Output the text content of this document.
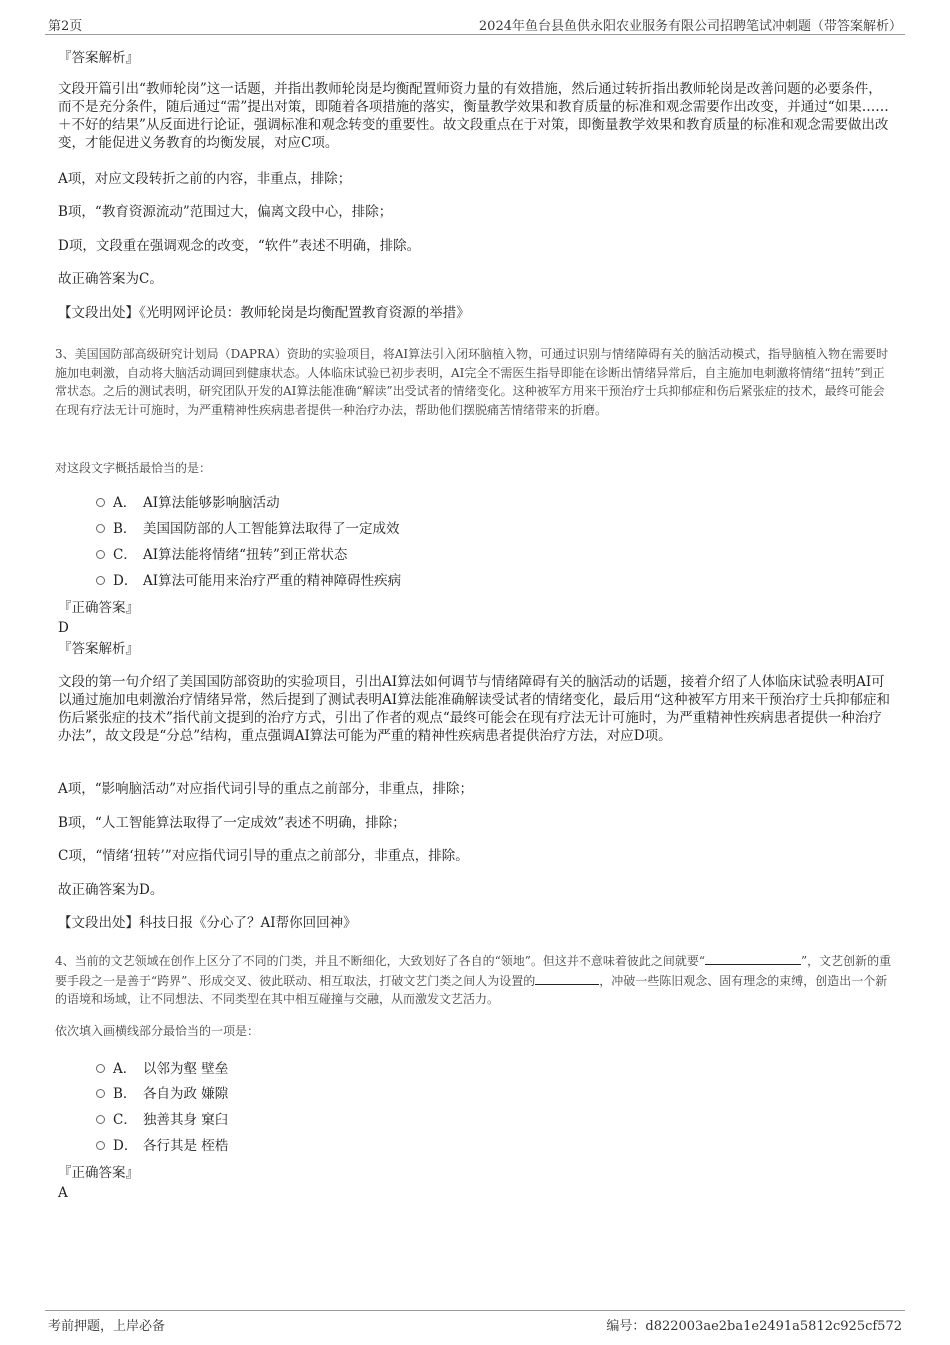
第2页	2024年鱼台县鱼供永阳农业服务有限公司招聘笔试冲刺题（带答案解析）
『答案解析』
文段开篇引出“教师轮岗”这一话题，并指出教师轮岗是均衡配置师资力量的有效措施，然后通过转折指出教师轮岗是改善问题的必要条件，而不是充分条件，随后通过“需”提出对策，即随着各项措施的落实，衡量教学效果和教育质量的标准和观念需要作出改变，并通过“如果……＋不好的结果”从反面进行论证，强调标准和观念转变的重要性。故文段重点在于对策，即衡量教学效果和教育质量的标准和观念需要做出改变，才能促进义务教育的均衡发展，对应C项。
A项，对应文段转折之前的内容，非重点，排除；
B项，“教育资源流动”范围过大，偏离文段中心，排除；
D项，文段重在强调观念的改变，“软件”表述不明确，排除。
故正确答案为C。
【文段出处】《光明网评论员：教师轮岗是均衡配置教育资源的举措》
3、美国国防部高级研究计划局（DAPRA）资助的实验项目，将AI算法引入闭环脑植入物，可通过识别与情绪障碍有关的脑活动模式，指导脑植入物在需要时施加电刺激，自动将大脑活动调回到健康状态。人体临床试验已初步表明，AI完全不需医生指导即能在诊断出情绪异常后，自主施加电刺激将情绪“扭转”到正常状态。之后的测试表明，研究团队开发的AI算法能准确“解读”出受试者的情绪变化。这种被军方用来干预治疗士兵抑郁症和伤后紧张症的技术，最终可能会在现有疗法无计可施时，为严重精神性疾病患者提供一种治疗办法，帮助他们摆脱痛苦情绪带来的折磨。
对这段文字概括最恰当的是：
A． AI算法能够影响脑活动
B． 美国国防部的人工智能算法取得了一定成效
C． AI算法能将情绪“扭转”到正常状态
D． AI算法可能用来治疗严重的精神障碍性疾病
『正确答案』
D
『答案解析』
文段的第一句介绍了美国国防部资助的实验项目，引出AI算法如何调节与情绪障碍有关的脑活动的话题，接着介绍了人体临床试验表明AI可以通过施加电刺激治疗情绪异常，然后提到了测试表明AI算法能准确解读受试者的情绪变化，最后用“这种被军方用来干预治疗士兵抑郁症和伤后紧张症的技术”指代前文提到的治疗方式，引出了作者的观点“最终可能会在现有疗法无计可施时，为严重精神性疾病患者提供一种治疗办法”，故文段是“分总”结构，重点强调AI算法可能为严重的精神性疾病患者提供治疗方法，对应D项。
A项，“影响脑活动”对应指代词引导的重点之前部分，非重点，排除；
B项，“人工智能算法取得了一定成效”表述不明确，排除；
C项，“情绪‘扭转’”对应指代词引导的重点之前部分，非重点，排除。
故正确答案为D。
【文段出处】科技日报《分心了？AI帮你回回神》
4、当前的文艺领域在创作上区分了不同的门类，并且不断细化，大致划好了各自的“领地”。但这并不意味着彼此之间就要“	”，文艺创新的重要手段之一是善于“跨界”、形成交叉、彼此联动、相互取法，打破文艺门类之间人为设置的	，冲破一些陈旧观念、固有理念的束缚，创造出一个新的语境和场域，让不同想法、不同类型在其中相互碰撞与交融，从而激发文艺活力。
依次填入画横线部分最恰当的一项是：
A． 以邻为壑 壁垒
B． 各自为政 嫌隙
C． 独善其身 窠臼
D． 各行其是 桎梏
『正确答案』
A
考前押题，上岸必备	编号：d822003ae2ba1e2491a5812c925cf572
